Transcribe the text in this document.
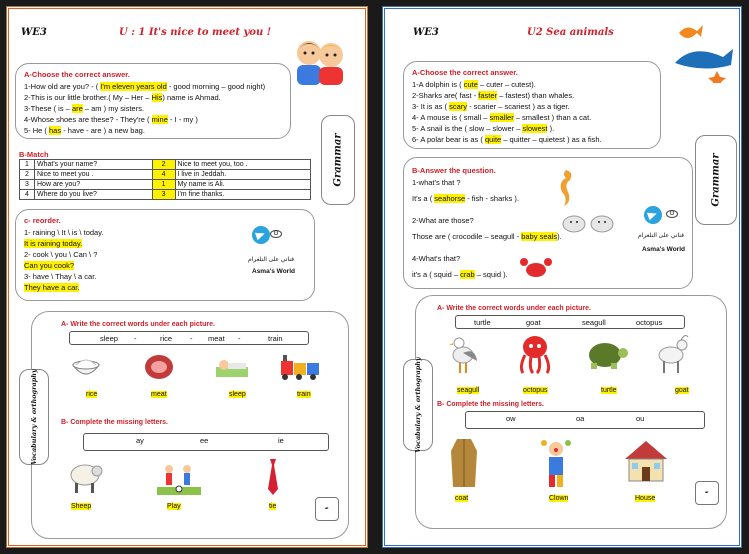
WE3	U : 1 It's nice to meet you !
A-Choose the correct answer.
1-How old are you? - ( I'm eleven years old - good morning – good night)
2-This is our little brother.( My – Her – His) name is Ahmad.
3-These ( is – are – am ) my sisters.
4-Whose shoes are these? - They're ( mine - I - my )
5- He ( has - have - are ) a new bag.
Grammar
B-Match
1	What's your name?	2	Nice to meet you, too .
2	Nice to meet you .	4	I live in Jeddah.
3	How are you?	1	My name is Ali.
4	Where do you live?	3	I'm fine thanks.
c- reorder.
1- raining \ It \ is \ today.
It is raining today.
2- cook \ you \ Can \ ?
Can you cook?
3- have \ Thay \ a car.
They have a car.
ʘ
قناتي على التلغرام
Asma's World
Vocabulary & orthography
A- Write the correct words under each picture.
sleep -	rice - meat -	train
rice	meat	sleep	train
B- Complete the missing letters.
ay	ee	ie
Sheep	Play	tie	✒
WE3	U2 Sea animals
A-Choose the correct answer.
1-A dolphin is ( cute – cuter – cutest).
2-Sharks are( fast - faster – fastest) than whales.
3- It is as ( scary - scarier – scariest ) as a tiger.
4- A mouse is ( small – smaller – smallest ) than a cat.
5- A snail is the ( slow – slower – slowest ).
6- A polar bear is as ( quite – quitter – quietest ) as a fish.
Grammar
B-Answer the question.
1-what's that ?
It's a ( seahorse - fish - sharks ).
2-What are those?
Those are ( crocodile – seagull - baby seals).
4-What's that?
it's a ( squid – crab – squid ).
ʘ
قناتي على التلغرام
Asma's World
Vocabulary & orthography
A- Write the correct words under each picture.
turtle	goat	seagull	octopus
seagull	octopus	turtle	goat
B- Complete the missing letters.
ow	oa	ou
coat	Clown	House
✒
